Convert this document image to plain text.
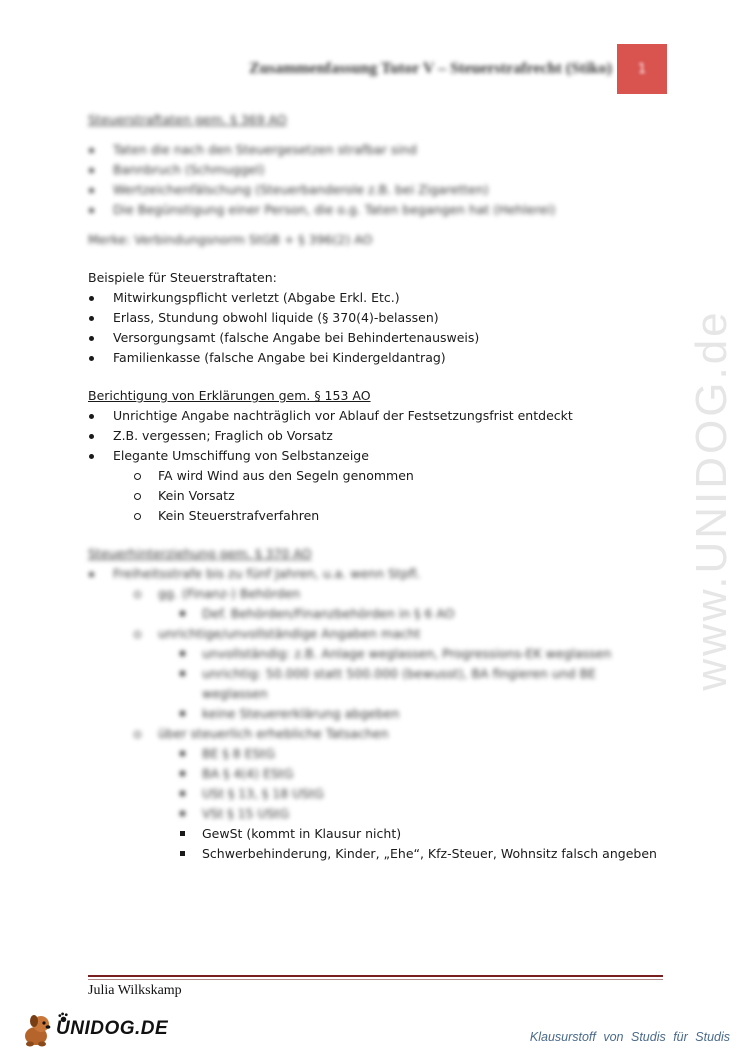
Zusammenfassung Tutor V – Steuerstrafrecht (Stiko) 1
www.UNIDOG.de

Steuerstraftaten gem. § 369 AO

Taten die nach den Steuergesetzen strafbar sind
Bannbruch (Schmuggel)
Wertzeichenfälschung (Steuerbanderole z.B. bei Zigaretten)
Die Begünstigung einer Person, die o.g. Taten begangen hat (Hehlerei)

Merke: Verbindungsnorm StGB + § 396(2) AO

Beispiele für Steuerstraftaten:

Mitwirkungspflicht verletzt (Abgabe Erkl. Etc.)
Erlass, Stundung obwohl liquide (§ 370(4)-belassen)
Versorgungsamt (falsche Angabe bei Behindertenausweis)
Familienkasse (falsche Angabe bei Kindergeldantrag)

Berichtigung von Erklärungen gem. § 153 AO

Unrichtige Angabe nachträglich vor Ablauf der Festsetzungsfrist entdeckt
Z.B. vergessen; Fraglich ob Vorsatz
Elegante Umschiffung von Selbstanzeige
FA wird Wind aus den Segeln genommen
Kein Vorsatz
Kein Steuerstrafverfahren

Steuerhinterziehung gem. § 370 AO

Freiheitsstrafe bis zu fünf Jahren, u.a. wenn Stpfl.
gg. (Finanz-) Behörden
Def. Behörden/Finanzbehörden in § 6 AO
unrichtige/unvollständige Angaben macht
unvollständig: z.B. Anlage weglassen, Progressions-EK weglassen
unrichtig: 50.000 statt 500.000 (bewusst), BA fingieren und BE weglassen
keine Steuererklärung abgeben
über steuerlich erhebliche Tatsachen
BE § 8 EStG
BA § 4(4) EStG
USt § 13, § 18 UStG
VSt § 15 UStG
GewSt (kommt in Klausur nicht)
Schwerbehinderung, Kinder, „Ehe“, Kfz-Steuer, Wohnsitz falsch angeben
Julia Wilkskamp
UNIDOG.DE	Klausurstoff von Studis für Studis
